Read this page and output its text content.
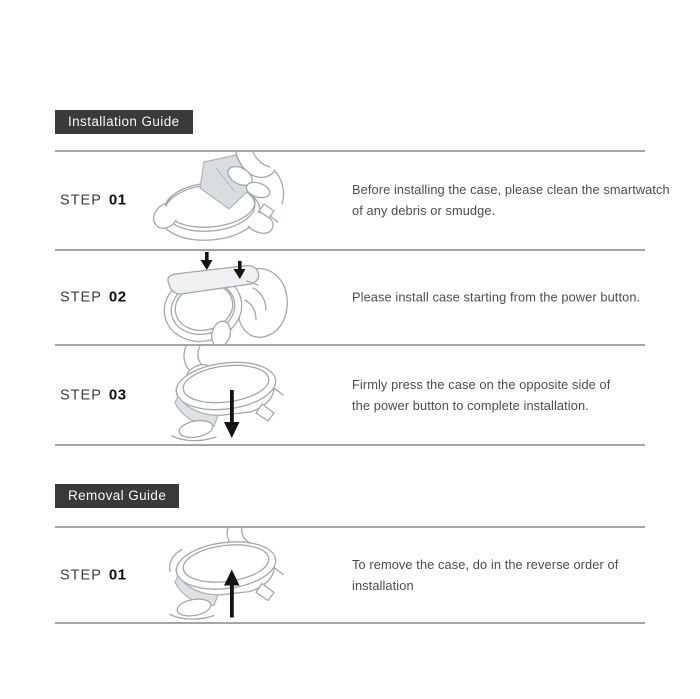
Installation Guide
STEP 01
Before installing the case, please clean the smartwatch
of any debris or smudge.
STEP 02	Please install case starting from the power button.
STEP 03
Firmly press the case on the opposite side of
the power button to complete installation.
Removal Guide
STEP 01
To remove the case, do in the reverse order of installation
